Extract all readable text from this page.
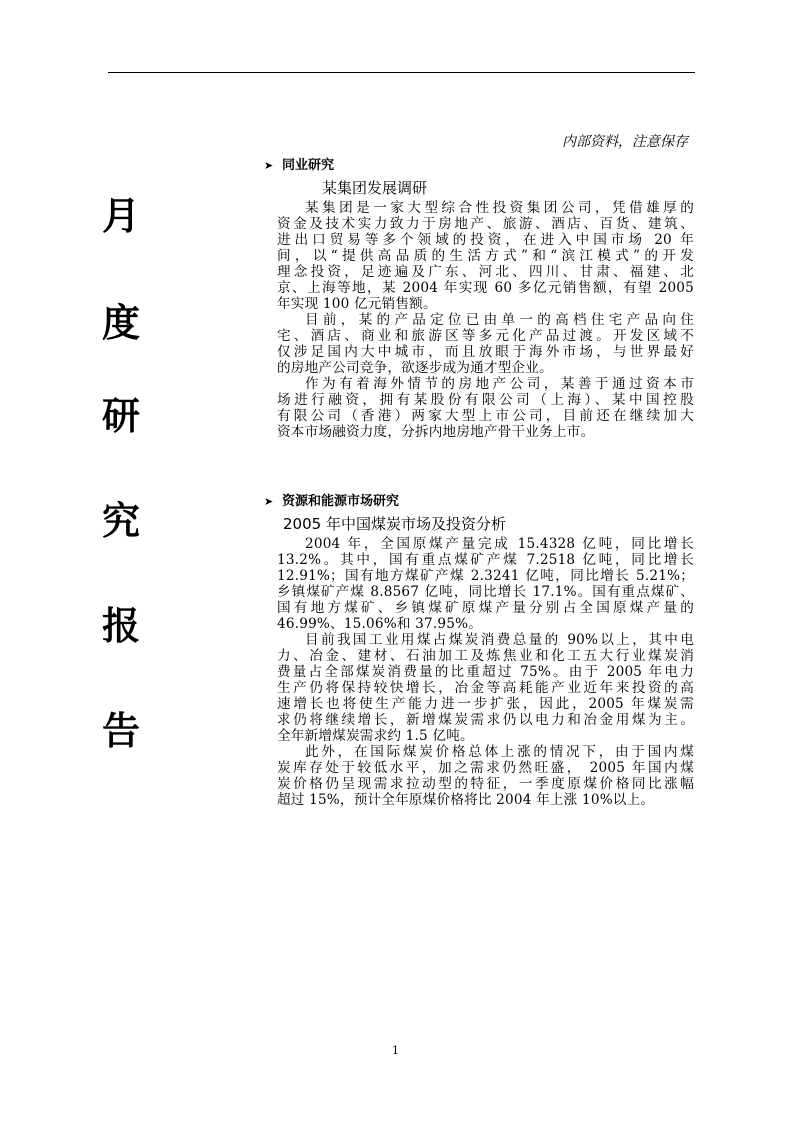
内部资料，注意保存
月
度
研
究
报
告
➤ 同业研究
某集团发展调研
某集团是一家大型综合性投资集团公司，凭借雄厚的
资金及技术实力致力于房地产、旅游、酒店、百货、建筑、
进出口贸易等多个领域的投资，在进入中国市场 20 年
间，以“提供高品质的生活方式”和“滨江模式”的开发
理念投资，足迹遍及广东、河北、四川、甘肃、福建、北
京、上海等地，某 2004 年实现 60 多亿元销售额，有望 2005
年实现 100 亿元销售额。
目前，某的产品定位已由单一的高档住宅产品向住
宅、酒店、商业和旅游区等多元化产品过渡。开发区域不
仅涉足国内大中城市，而且放眼于海外市场，与世界最好
的房地产公司竞争，欲逐步成为通才型企业。
作为有着海外情节的房地产公司，某善于通过资本市
场进行融资，拥有某股份有限公司（上海）、某中国控股
有限公司（香港）两家大型上市公司，目前还在继续加大
资本市场融资力度，分拆内地房地产骨干业务上市。
➤ 资源和能源市场研究
2005 年中国煤炭市场及投资分析
2004 年，全国原煤产量完成 15.4328 亿吨，同比增长
13.2%。其中，国有重点煤矿产煤 7.2518 亿吨，同比增长
12.91%；国有地方煤矿产煤 2.3241 亿吨，同比增长 5.21%；
乡镇煤矿产煤 8.8567 亿吨，同比增长 17.1%。国有重点煤矿、
国有地方煤矿、乡镇煤矿原煤产量分别占全国原煤产量的
46.99%、15.06%和 37.95%。
目前我国工业用煤占煤炭消费总量的 90%以上，其中电
力、冶金、建材、石油加工及炼焦业和化工五大行业煤炭消
费量占全部煤炭消费量的比重超过 75%。由于 2005 年电力
生产仍将保持较快增长，冶金等高耗能产业近年来投资的高
速增长也将使生产能力进一步扩张，因此，2005 年煤炭需
求仍将继续增长，新增煤炭需求仍以电力和冶金用煤为主。
全年新增煤炭需求约 1.5 亿吨。
此外，在国际煤炭价格总体上涨的情况下，由于国内煤
炭库存处于较低水平，加之需求仍然旺盛， 2005 年国内煤
炭价格仍呈现需求拉动型的特征，一季度原煤价格同比涨幅
超过 15%，预计全年原煤价格将比 2004 年上涨 10%以上。
1
